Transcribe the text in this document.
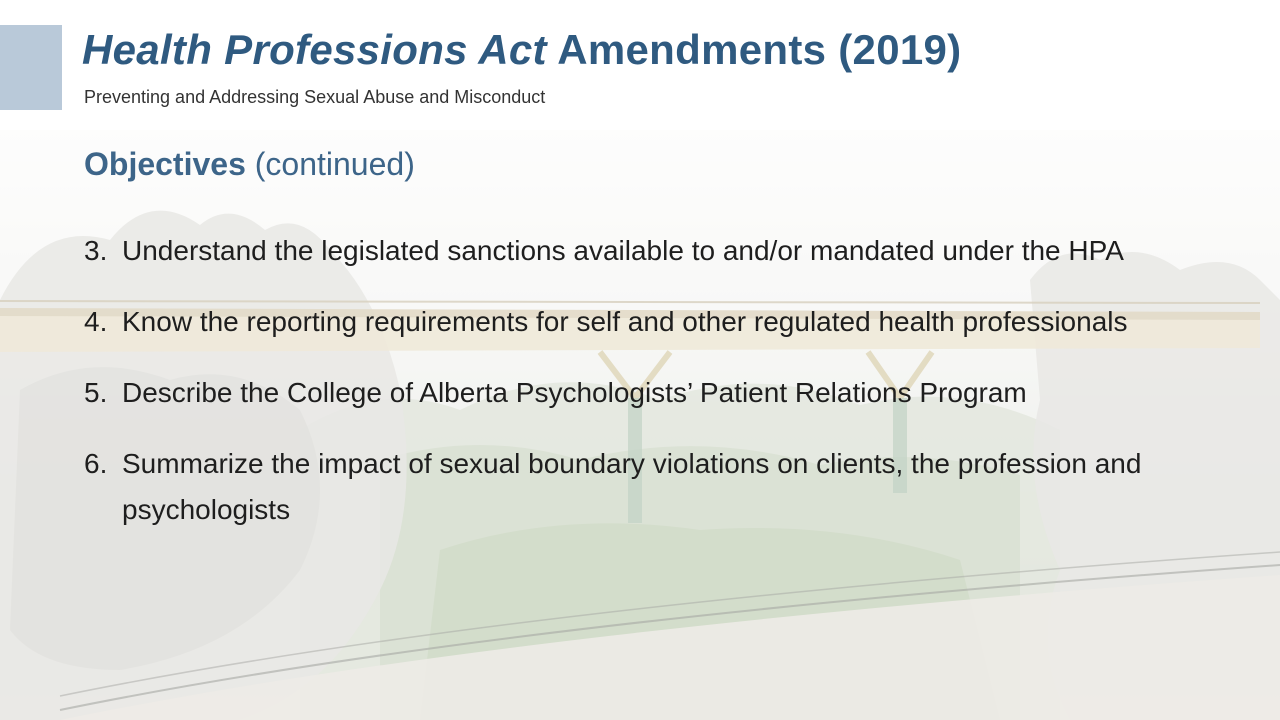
Health Professions Act Amendments (2019)
Preventing and Addressing Sexual Abuse and Misconduct
Objectives (continued)
3. Understand the legislated sanctions available to and/or mandated under the HPA
4. Know the reporting requirements for self and other regulated health professionals
5. Describe the College of Alberta Psychologists’ Patient Relations Program
6. Summarize the impact of sexual boundary violations on clients, the profession and psychologists
